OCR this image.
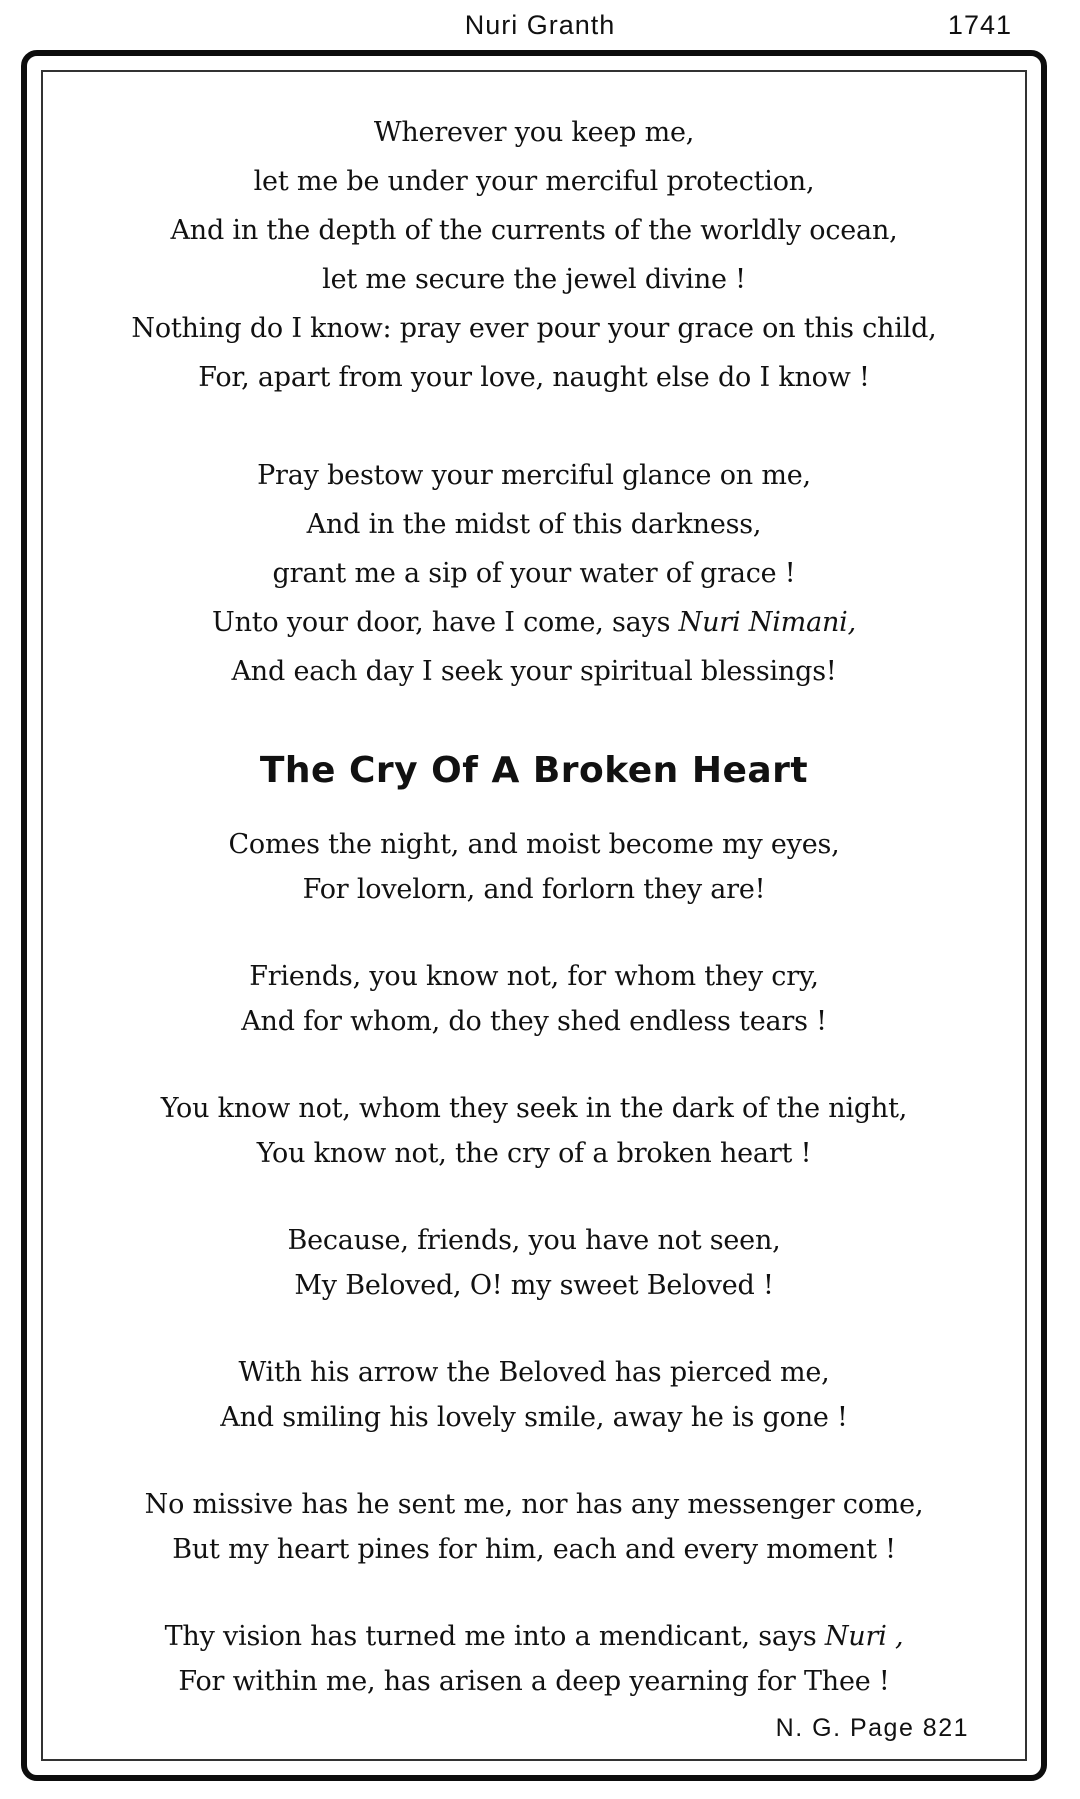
Nuri Granth	1741
Wherever you keep me,
let me be under your merciful protection,
And in the depth of the currents of the worldly ocean,
let me secure the jewel divine !
Nothing do I know: pray ever pour your grace on this child,
For, apart from your love, naught else do I know !
Pray bestow your merciful glance on me,
And in the midst of this darkness,
grant me a sip of your water of grace !
Unto your door, have I come, says Nuri Nimani,
And each day I seek your spiritual blessings!
The Cry Of A Broken Heart
Comes the night, and moist become my eyes,
For lovelorn, and forlorn they are!
Friends, you know not, for whom they cry,
And for whom, do they shed endless tears !
You know not, whom they seek in the dark of the night,
You know not, the cry of a broken heart !
Because, friends, you have not seen,
My Beloved, O! my sweet Beloved !
With his arrow the Beloved has pierced me,
And smiling his lovely smile, away he is gone !
No missive has he sent me, nor has any messenger come,
But my heart pines for him, each and every moment !
Thy vision has turned me into a mendicant, says Nuri ,
For within me, has arisen a deep yearning for Thee !
N. G. Page 821
